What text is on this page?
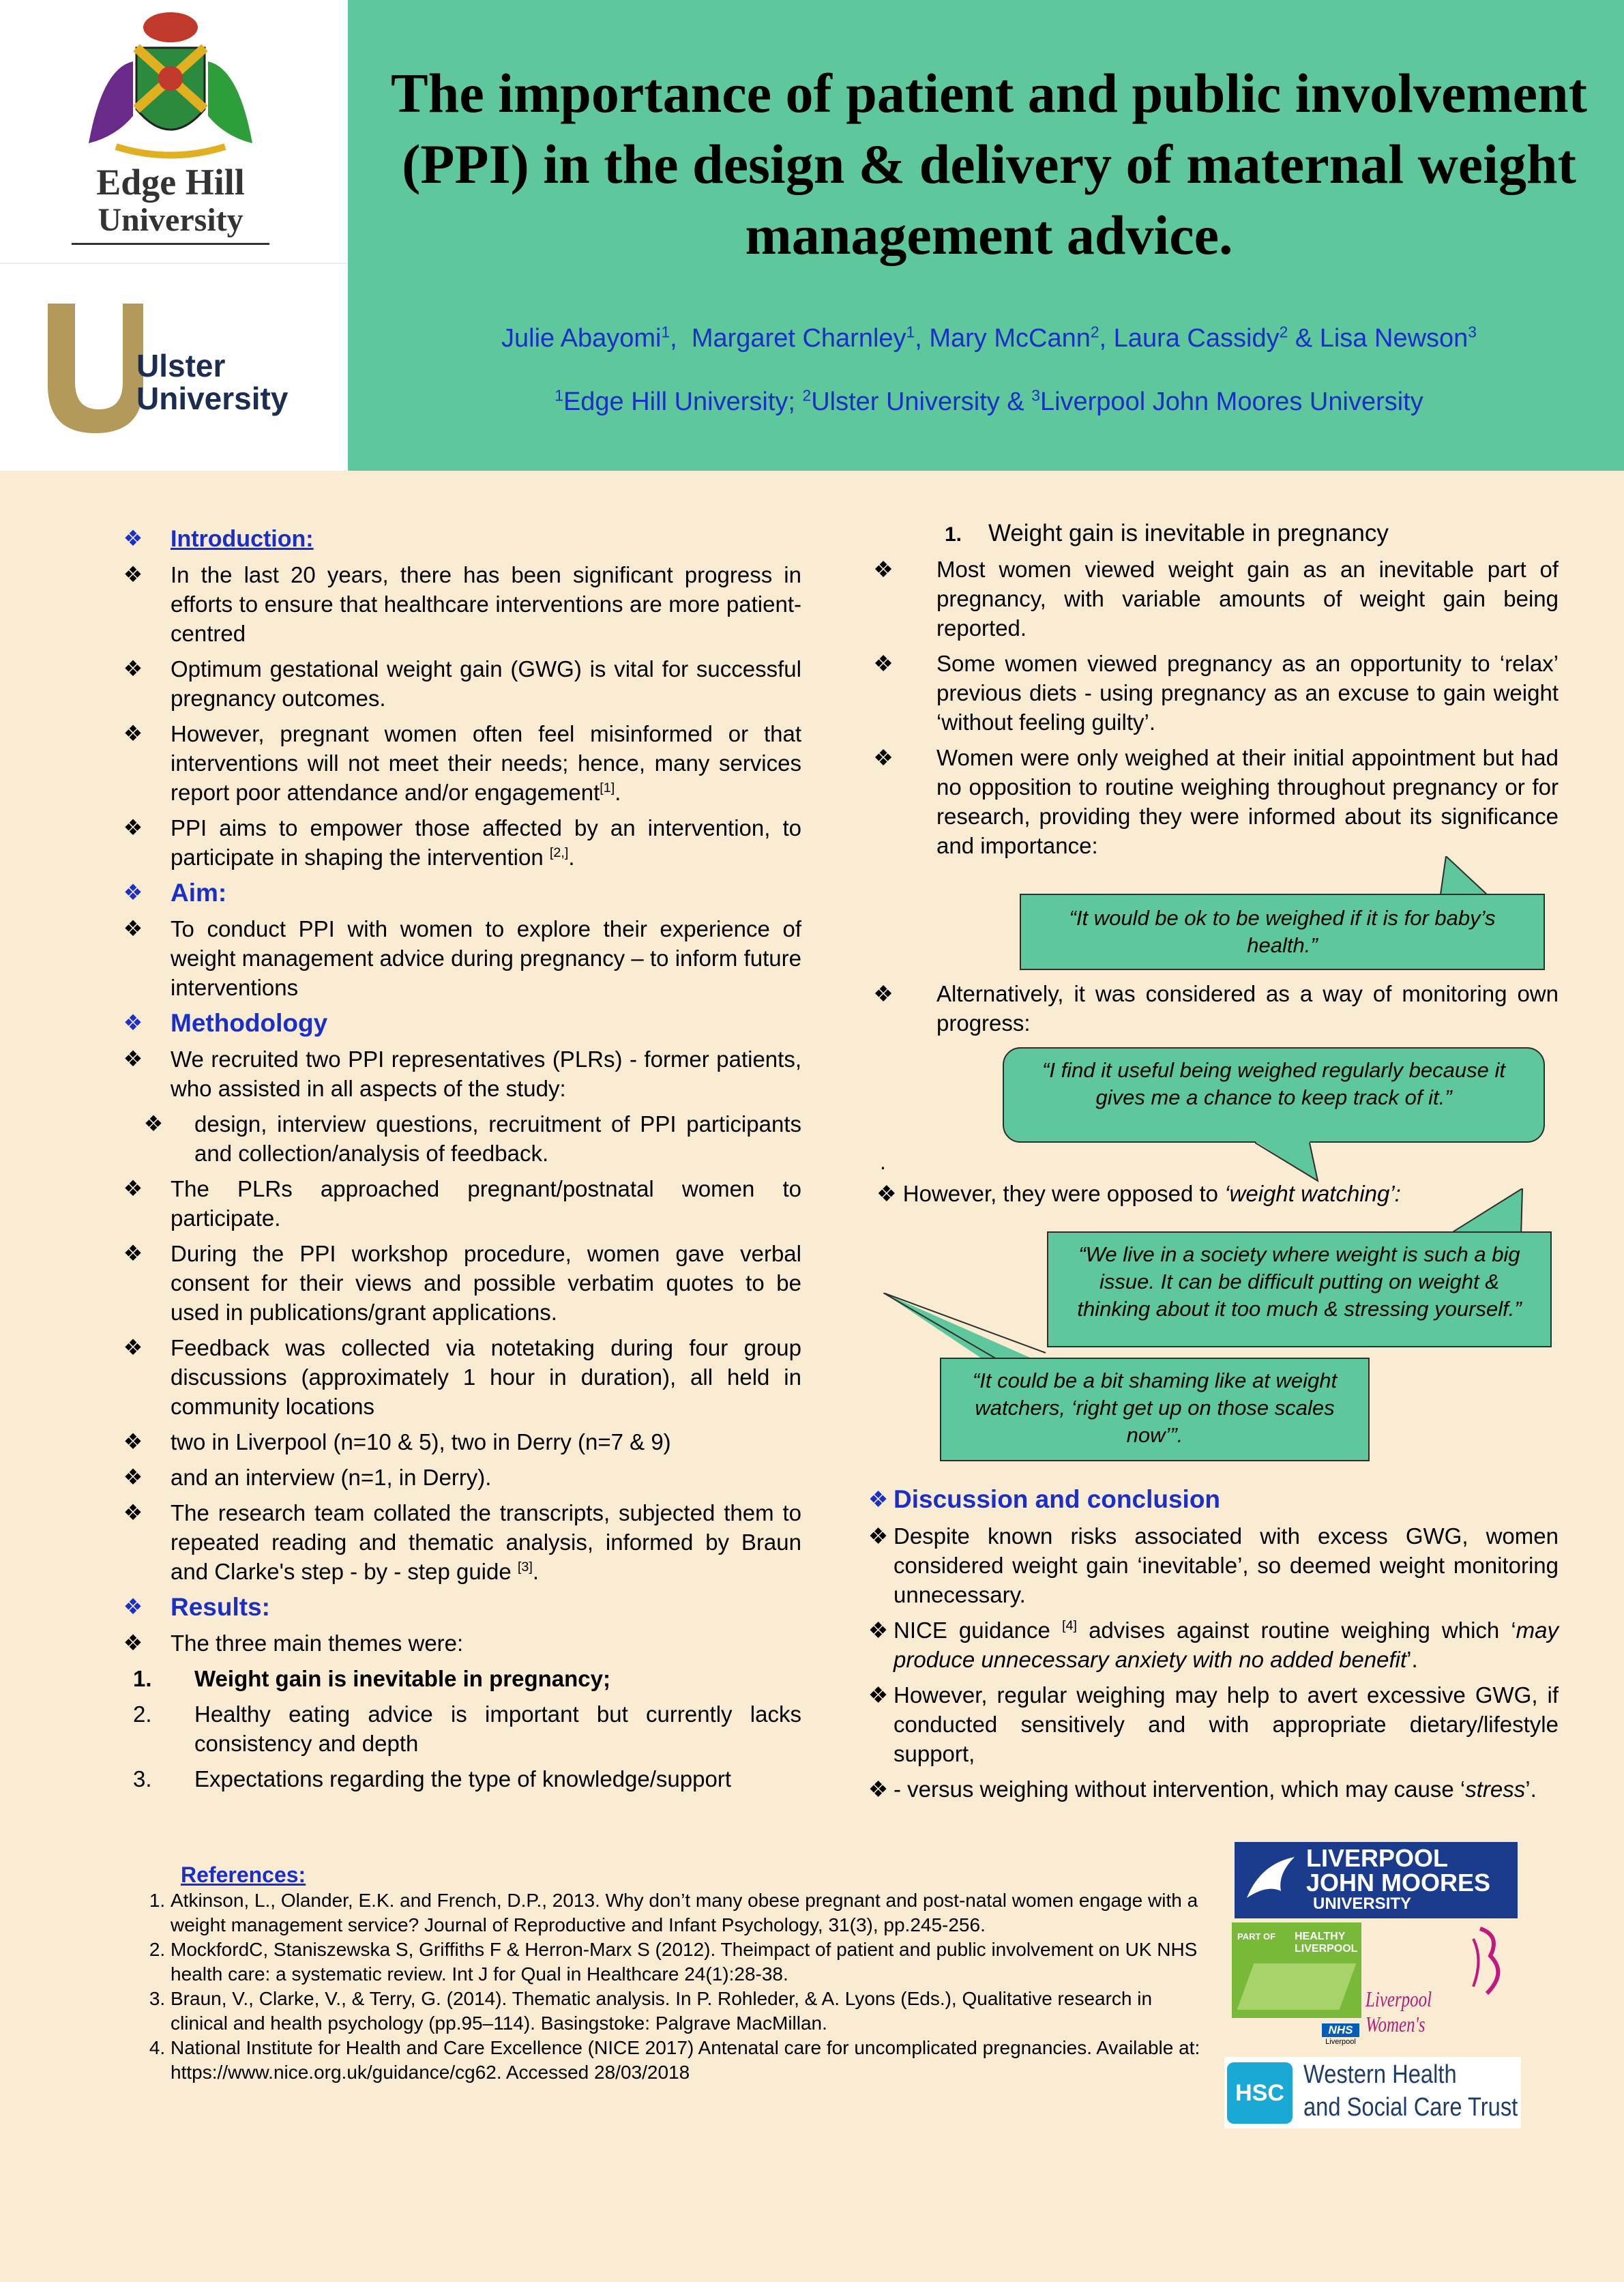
Edge Hill
University
Ulster
University
The importance of patient and public involvement (PPI) in the design & delivery of maternal weight management advice.
Julie Abayomi$^1$,  Margaret Charnley$^1$, Mary McCann$^2$, Laura Cassidy$^2$ & Lisa Newson$^3$
$^1$Edge Hill University; $^2$Ulster University & $^3$Liverpool John Moores University
❖	Introduction:
❖	In the last 20 years, there has been significant progress in efforts to ensure that healthcare interventions are more patient-centred
❖	Optimum gestational weight gain (GWG) is vital for successful pregnancy outcomes.
❖	However, pregnant women often feel misinformed or that interventions will not meet their needs; hence, many services report poor attendance and/or engagement[1].
❖	PPI aims to empower those affected by an intervention, to participate in shaping the intervention [2,].
❖	Aim:
❖	To conduct PPI with women to explore their experience of weight management advice during pregnancy – to inform future interventions
❖	Methodology
❖	We recruited two PPI representatives (PLRs) - former patients, who assisted in all aspects of the study:
❖	design, interview questions, recruitment of PPI participants and collection/analysis of feedback.
❖	The PLRs approached pregnant/postnatal women to participate.
❖	During the PPI workshop procedure, women gave verbal consent for their views and possible verbatim quotes to be used in publications/grant applications.
❖	Feedback was collected via notetaking during four group discussions (approximately 1 hour in duration), all held in community locations
❖	two in Liverpool (n=10 & 5), two in Derry (n=7 & 9)
❖	and an interview (n=1, in Derry).
❖	The research team collated the transcripts, subjected them to repeated reading and thematic analysis, informed by Braun and Clarke's step - by - step guide [3].
❖	Results:
❖	The three main themes were:
1. Weight gain is inevitable in pregnancy;
2. Healthy eating advice is important but currently lacks consistency and depth
3. Expectations regarding the type of knowledge/support
1. Weight gain is inevitable in pregnancy
❖	Most women viewed weight gain as an inevitable part of pregnancy, with variable amounts of weight gain being reported.
❖	Some women viewed pregnancy as an opportunity to ‘relax’ previous diets - using pregnancy as an excuse to gain weight ‘without feeling guilty’.
❖	Women were only weighed at their initial appointment but had no opposition to routine weighing throughout pregnancy or for research, providing they were informed about its significance and importance:
“It would be ok to be weighed if it is for baby’s health.”
❖	Alternatively, it was considered as a way of monitoring own progress:
“I find it useful being weighed regularly because it gives me a chance to keep track of it.”
.
❖ However, they were opposed to ‘weight watching’:
“We live in a society where weight is such a big issue. It can be difficult putting on weight & thinking about it too much & stressing yourself.”
“It could be a bit shaming like at weight watchers, ‘right get up on those scales now’”.
❖ Discussion and conclusion
❖ Despite known risks associated with excess GWG, women considered weight gain ‘inevitable’, so deemed weight monitoring unnecessary.
❖ NICE guidance [4] advises against routine weighing which ‘may produce unnecessary anxiety with no added benefit’.
❖ However, regular weighing may help to avert excessive GWG, if conducted sensitively and with appropriate dietary/lifestyle support,
❖ - versus weighing without intervention, which may cause ‘stress’.
References:
1. Atkinson, L., Olander, E.K. and French, D.P., 2013. Why don’t many obese pregnant and post-natal women engage with a weight management service? Journal of Reproductive and Infant Psychology, 31(3), pp.245-256.
2. MockfordC, Staniszewska S, Griffiths F & Herron-Marx S (2012). Theimpact of patient and public involvement on UK NHS health care: a systematic review. Int J for Qual in Healthcare 24(1):28-38.
3. Braun, V., Clarke, V., & Terry, G. (2014). Thematic analysis. In P. Rohleder, & A. Lyons (Eds.), Qualitative research in clinical and health psychology (pp.95–114). Basingstoke: Palgrave MacMillan.
4. National Institute for Health and Care Excellence (NICE 2017) Antenatal care for uncomplicated pregnancies. Available at: https://www.nice.org.uk/guidance/cg62. Accessed 28/03/2018
LIVERPOOL
JOHN MOORES
UNIVERSITY
PART OF HEALTHY
LIVERPOOL
Liverpool Women's
NHS
Liverpool
HSC
Western Health
and Social Care Trust
